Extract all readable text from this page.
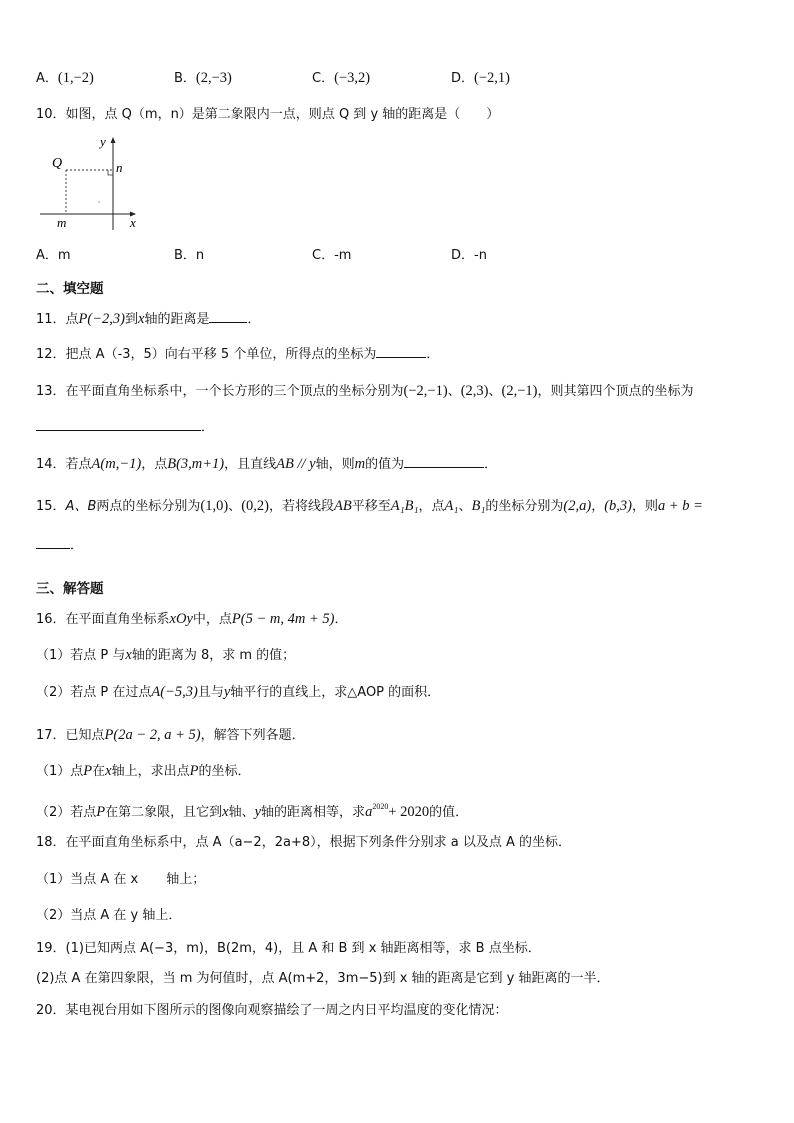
A．(1,−2)	B．(2,−3)	C．(−3,2)	D．(−2,1)
10．如图，点 Q（m，n）是第二象限内一点，则点 Q 到 y 轴的距离是（　　）
y
x
Q	n
m
A．m	B．n	C．-m	D．-n
二、填空题
11．点P(−2,3)到x轴的距离是	．
12．把点 A（-3，5）向右平移 5 个单位，所得点的坐标为	．
13．在平面直角坐标系中，一个长方形的三个顶点的坐标分别为(−2,−1)、(2,3)、(2,−1)，则其第四个顶点的坐标为
．
14．若点A(m,−1)，点B(3,m+1)，且直线AB // y轴，则m的值为	．
15．A、B两点的坐标分别为(1,0)、(0,2)，若将线段AB平移至A₁B₁，点A₁、B₁的坐标分别为(2,a)，(b,3)，则a + b =
．
三、解答题
16．在平面直角坐标系xOy中，点P(5 − m, 4m + 5)．
（1）若点 P 与x轴的距离为 8，求 m 的值；
（2）若点 P 在过点A(−5,3)且与y轴平行的直线上，求△AOP 的面积．
17．已知点P(2a − 2, a + 5)，解答下列各题．
（1）点P在x轴上，求出点P的坐标．
（2）若点P在第二象限，且它到x轴、y轴的距离相等，求$a^{2020}+ 2020$的值．
18．在平面直角坐标系中，点 A（a−2，2a+8），根据下列条件分别求 a 以及点 A 的坐标．
（1）当点 A 在 x 轴上；
（2）当点 A 在 y 轴上．
19．(1)已知两点 A(−3，m)，B(2m，4)，且 A 和 B 到 x 轴距离相等，求 B 点坐标．
(2)点 A 在第四象限，当 m 为何值时，点 A(m+2，3m−5)到 x 轴的距离是它到 y 轴距离的一半．
20．某电视台用如下图所示的图像向观察描绘了一周之内日平均温度的变化情况：
